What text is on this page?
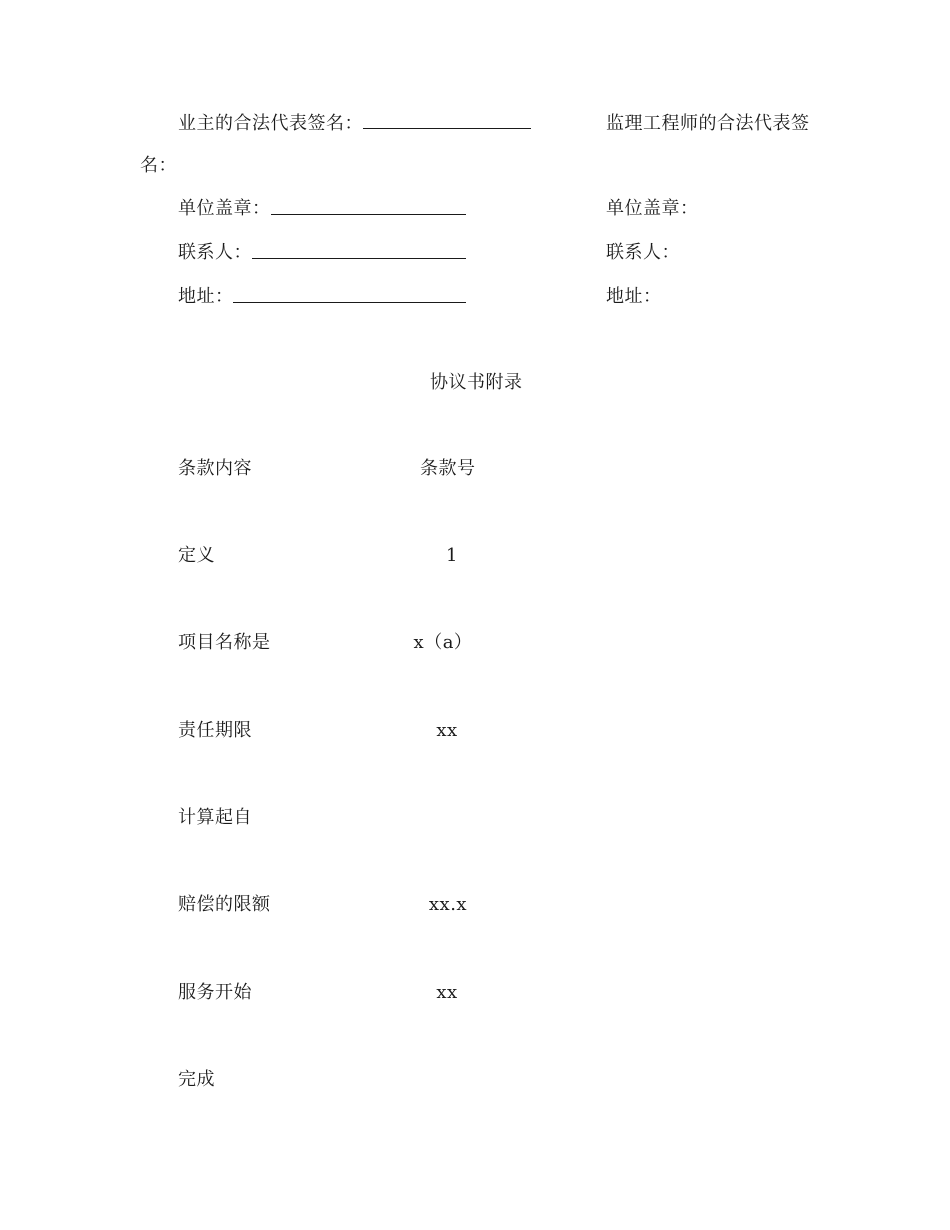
业主的合法代表签名：	监理工程师的合法代表签
名：
单位盖章：	单位盖章：
联系人：	联系人：
地址：	地址：
协议书附录
条款内容	条款号
定义	1
项目名称是	x（a）
责任期限	xx
计算起自
赔偿的限额	xx.x
服务开始	xx
完成
